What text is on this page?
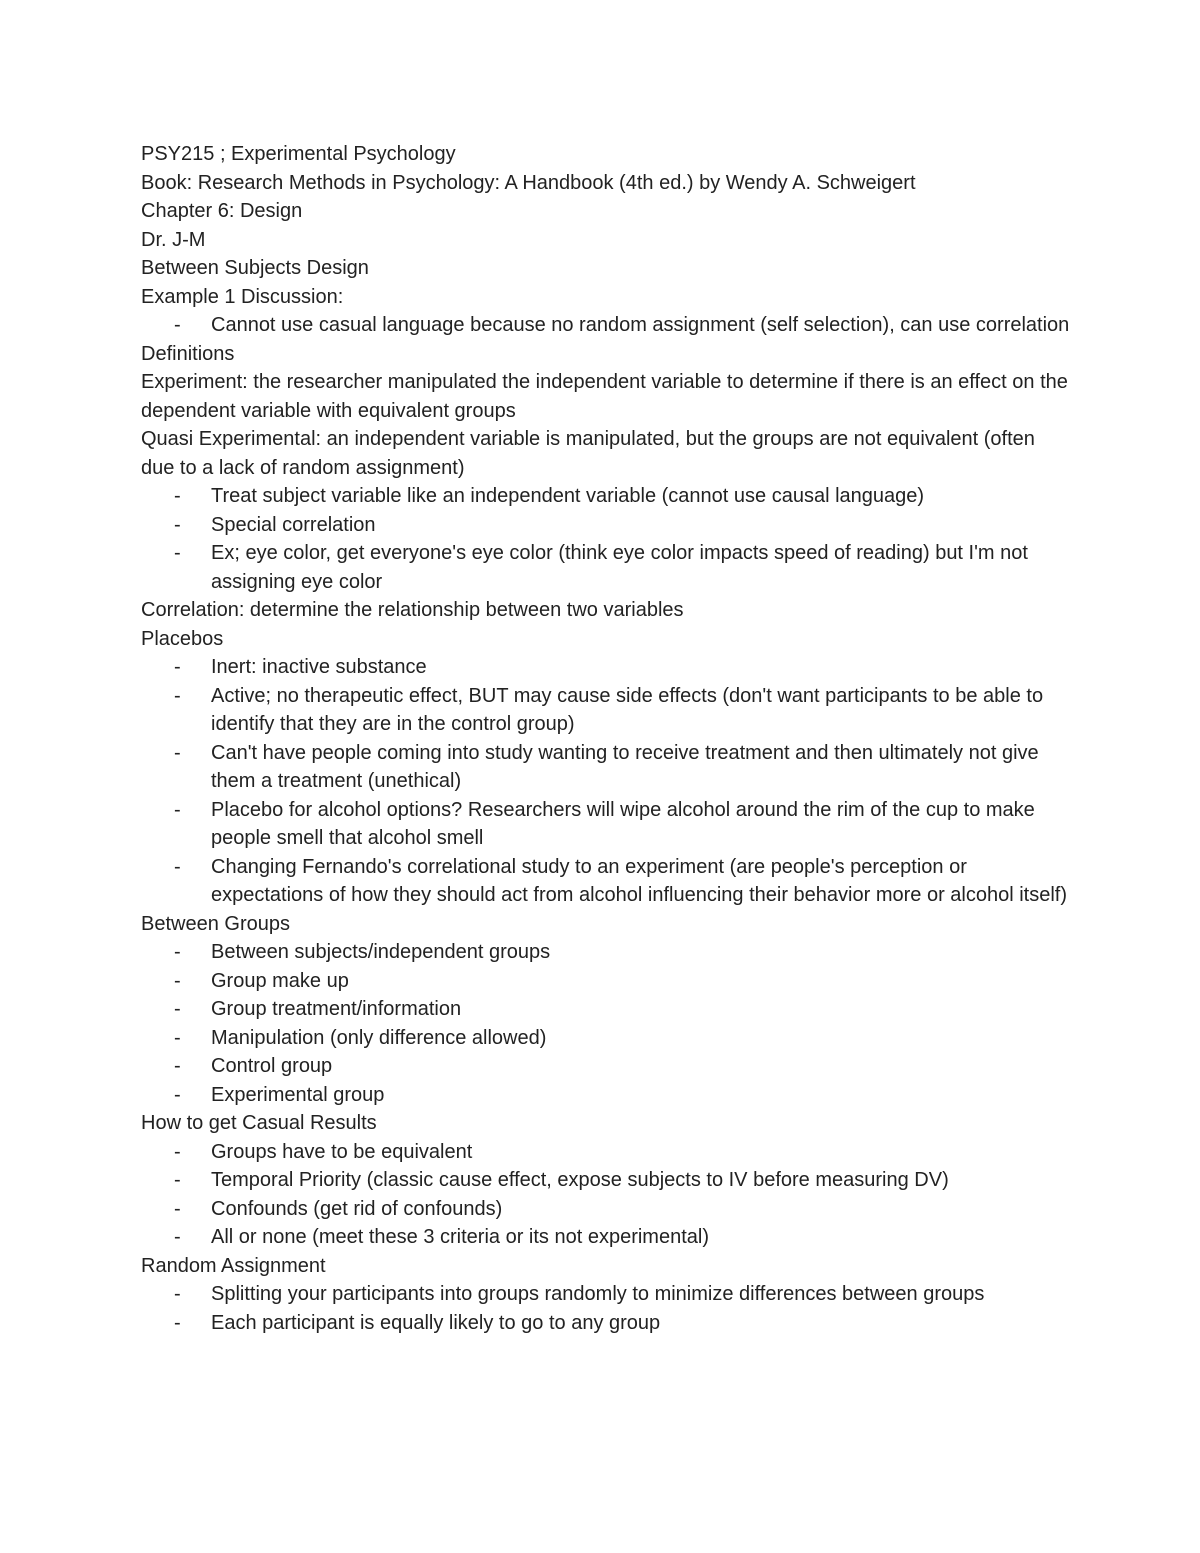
PSY215 ; Experimental Psychology

Book: Research Methods in Psychology: A Handbook (4th ed.) by Wendy A. Schweigert

Chapter 6: Design

Dr. J-M

Between Subjects Design

Example 1 Discussion:

- Cannot use casual language because no random assignment (self selection), can use correlation

Definitions

Experiment: the researcher manipulated the independent variable to determine if there is an effect on the dependent variable with equivalent groups

Quasi Experimental: an independent variable is manipulated, but the groups are not equivalent (often due to a lack of random assignment)

- Treat subject variable like an independent variable (cannot use causal language)
- Special correlation
- Ex; eye color, get everyone's eye color (think eye color impacts speed of reading) but I'm not assigning eye color

Correlation: determine the relationship between two variables

Placebos

- Inert: inactive substance
- Active; no therapeutic effect, BUT may cause side effects (don't want participants to be able to identify that they are in the control group)
- Can't have people coming into study wanting to receive treatment and then ultimately not give them a treatment (unethical)
- Placebo for alcohol options? Researchers will wipe alcohol around the rim of the cup to make people smell that alcohol smell
- Changing Fernando's correlational study to an experiment (are people's perception or expectations of how they should act from alcohol influencing their behavior more or alcohol itself)

Between Groups

- Between subjects/independent groups
- Group make up
- Group treatment/information
- Manipulation (only difference allowed)
- Control group
- Experimental group

How to get Casual Results

- Groups have to be equivalent
- Temporal Priority (classic cause effect, expose subjects to IV before measuring DV)
- Confounds (get rid of confounds)
- All or none (meet these 3 criteria or its not experimental)

Random Assignment

- Splitting your participants into groups randomly to minimize differences between groups
- Each participant is equally likely to go to any group
